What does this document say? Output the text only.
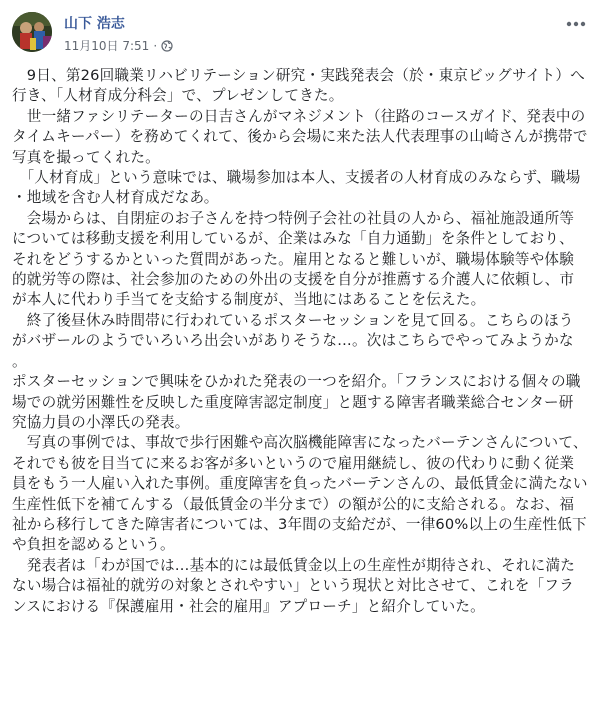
山下 浩志
11月10日 7:51 ·

　9日、第26回職業リハビリテーション研究・実践発表会（於・東京ビッグサイト）へ行き、「人材育成分科会」で、プレゼンしてきた。

　世一緒ファシリテーターの日吉さんがマネジメント（往路のコースガイド、発表中のタイムキーパー）を務めてくれて、後から会場に来た法人代表理事の山崎さんが携帯で写真を撮ってくれた。

　「人材育成」という意味では、職場参加は本人、支援者の人材育成のみならず、職場・地域を含む人材育成だなあ。

　会場からは、自閉症のお子さんを持つ特例子会社の社員の人から、福祉施設通所等については移動支援を利用しているが、企業はみな「自力通勤」を条件としており、それをどうするかといった質問があった。雇用となると難しいが、職場体験等や体験的就労等の際は、社会参加のための外出の支援を自分が推薦する介護人に依頼し、市が本人に代わり手当てを支給する制度が、当地にはあることを伝えた。

　終了後昼休み時間帯に行われているポスターセッションを見て回る。こちらのほうがバザールのようでいろいろ出会いがありそうな…。次はこちらでやってみようかな。

ポスターセッションで興味をひかれた発表の一つを紹介。「フランスにおける個々の職場での就労困難性を反映した重度障害認定制度」と題する障害者職業総合センター研究協力員の小澤氏の発表。

　写真の事例では、事故で歩行困難や高次脳機能障害になったバーテンさんについて、それでも彼を目当てに来るお客が多いというので雇用継続し、彼の代わりに動く従業員をもう一人雇い入れた事例。重度障害を負ったバーテンさんの、最低賃金に満たない生産性低下を補てんする（最低賃金の半分まで）の額が公的に支給される。なお、福祉から移行してきた障害者については、3年間の支給だが、一律60%以上の生産性低下や負担を認めるという。

　発表者は「わが国では…基本的には最低賃金以上の生産性が期待され、それに満たない場合は福祉的就労の対象とされやすい」という現状と対比させて、これを「フランスにおける『保護雇用・社会的雇用』アプローチ」と紹介していた。
